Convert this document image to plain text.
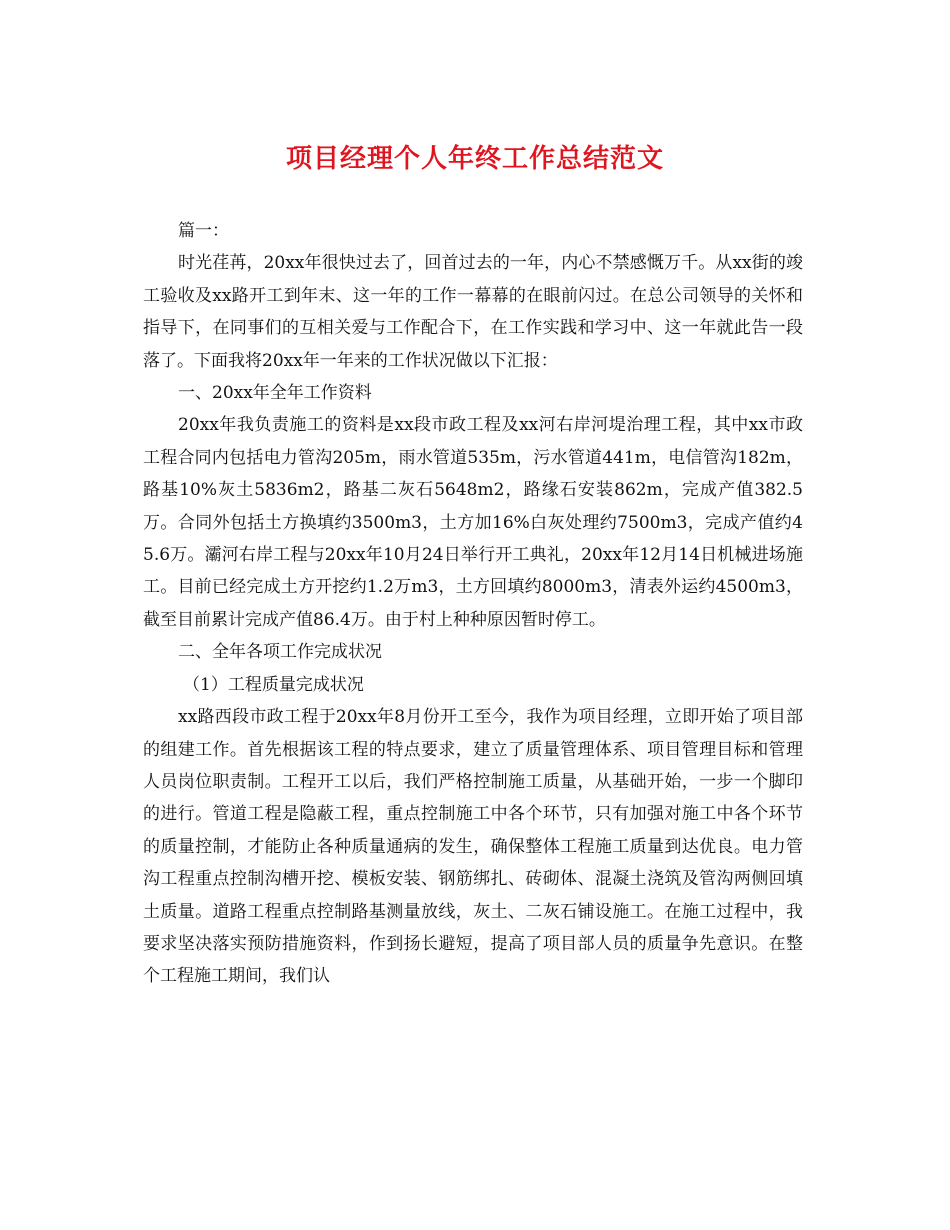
项目经理个人年终工作总结范文

篇一：

时光荏苒，20xx年很快过去了，回首过去的一年，内心不禁感慨万千。从xx街的竣工验收及xx路开工到年末、这一年的工作一幕幕的在眼前闪过。在总公司领导的关怀和指导下，在同事们的互相关爱与工作配合下，在工作实践和学习中、这一年就此告一段落了。下面我将20xx年一年来的工作状况做以下汇报：

一、20xx年全年工作资料

20xx年我负责施工的资料是xx段市政工程及xx河右岸河堤治理工程，其中xx市政工程合同内包括电力管沟205m，雨水管道535m，污水管道441m，电信管沟182m，路基10%灰土5836m2，路基二灰石5648m2，路缘石安装862m，完成产值382.5万。合同外包括土方换填约3500m3，土方加16%白灰处理约7500m3，完成产值约45.6万。灞河右岸工程与20xx年10月24日举行开工典礼，20xx年12月14日机械进场施工。目前已经完成土方开挖约1.2万m3，土方回填约8000m3，清表外运约4500m3，截至目前累计完成产值86.4万。由于村上种种原因暂时停工。

二、全年各项工作完成状况

（1）工程质量完成状况

xx路西段市政工程于20xx年8月份开工至今，我作为项目经理，立即开始了项目部的组建工作。首先根据该工程的特点要求，建立了质量管理体系、项目管理目标和管理人员岗位职责制。工程开工以后，我们严格控制施工质量，从基础开始，一步一个脚印的进行。管道工程是隐蔽工程，重点控制施工中各个环节，只有加强对施工中各个环节的质量控制，才能防止各种质量通病的发生，确保整体工程施工质量到达优良。电力管沟工程重点控制沟槽开挖、模板安装、钢筋绑扎、砖砌体、混凝土浇筑及管沟两侧回填土质量。道路工程重点控制路基测量放线，灰土、二灰石铺设施工。在施工过程中，我要求坚决落实预防措施资料，作到扬长避短，提高了项目部人员的质量争先意识。在整个工程施工期间，我们认
